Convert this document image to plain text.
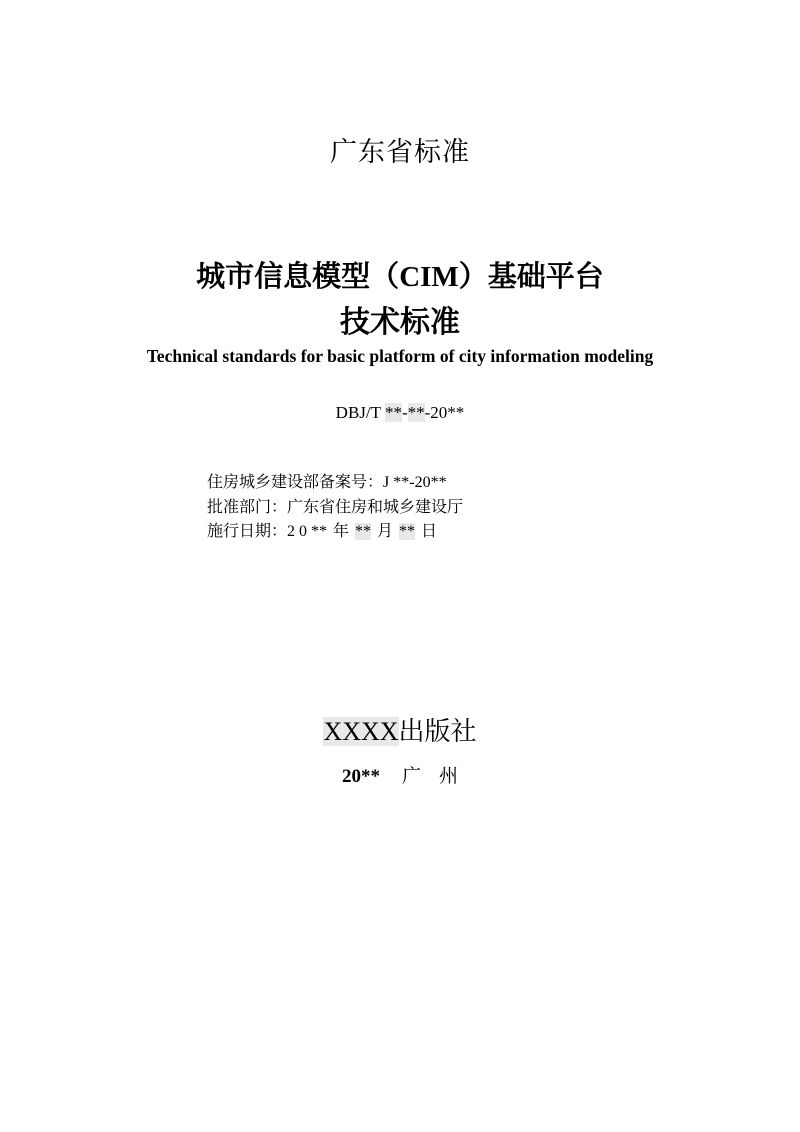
广东省标准
城市信息模型（CIM）基础平台
技术标准
Technical standards for basic platform of city information modeling
DBJ/T **-**-20**
住房城乡建设部备案号：J **-20**
批准部门：广东省住房和城乡建设厅
施行日期：2 0 ** 年 ** 月 ** 日
XXXX出版社
20** 广 州
